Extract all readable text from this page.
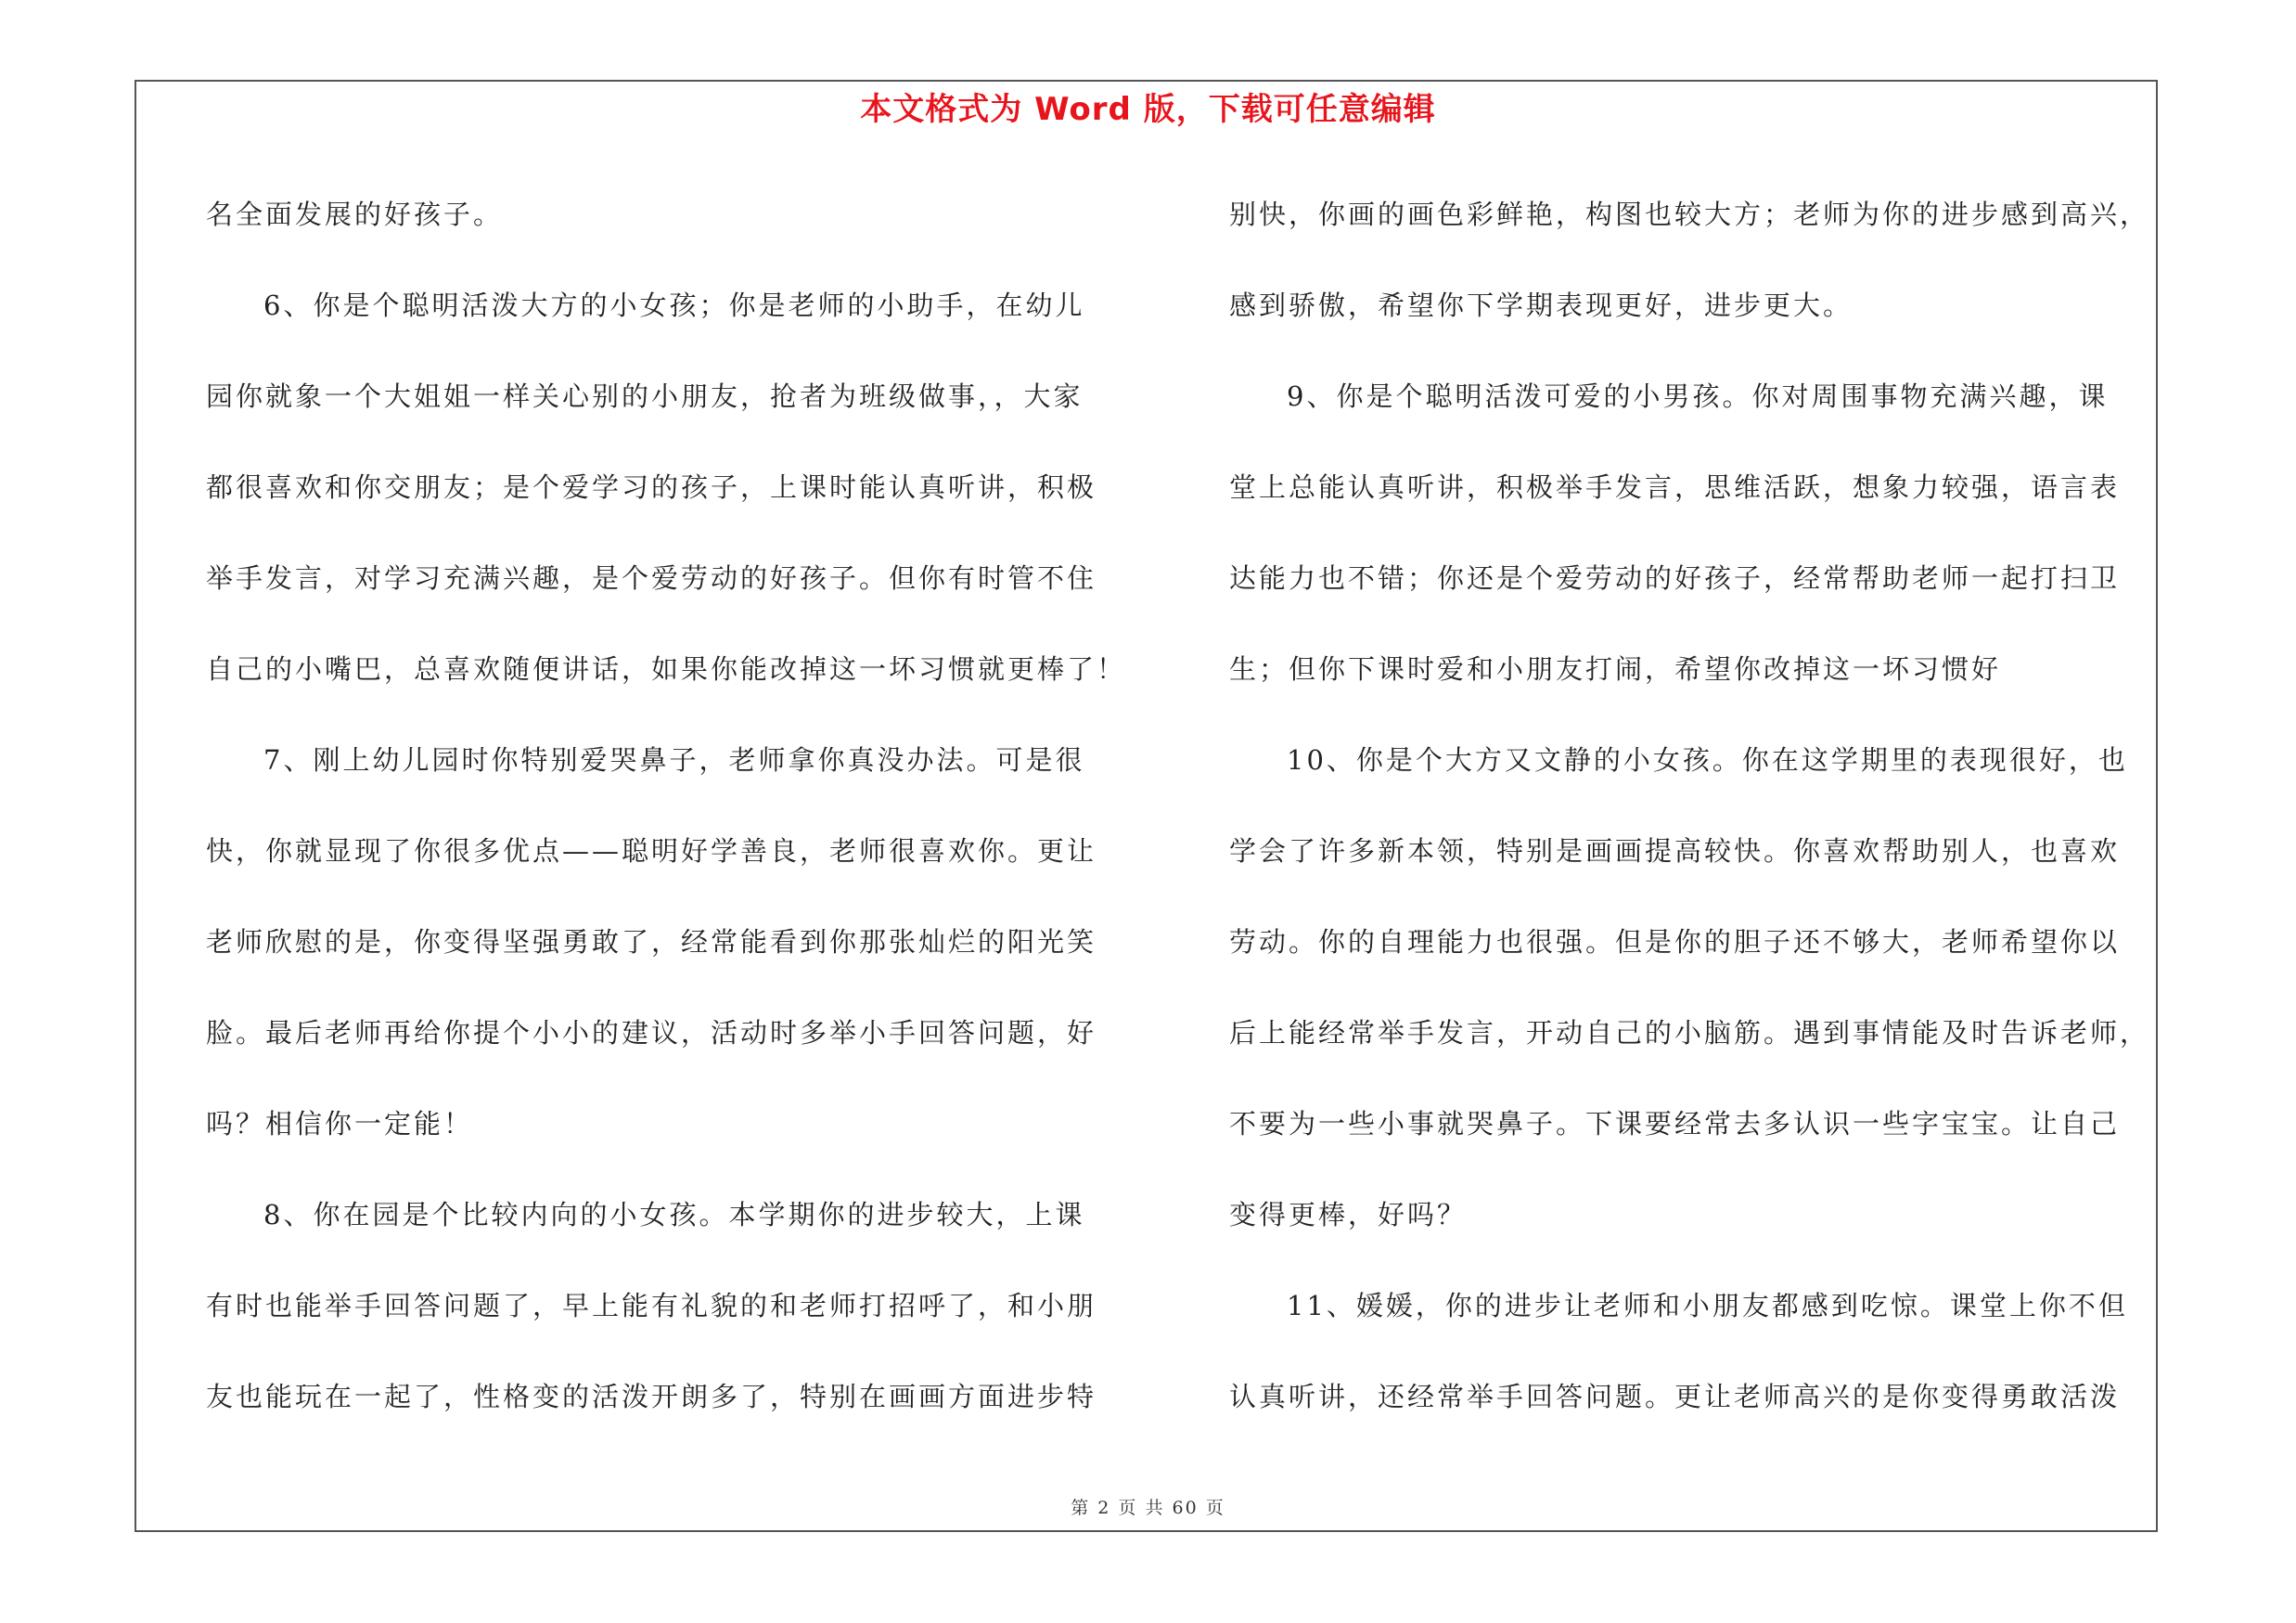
本文格式为 Word 版，下载可任意编辑
名全面发展的好孩子。
6、你是个聪明活泼大方的小女孩；你是老师的小助手，在幼儿
园你就象一个大姐姐一样关心别的小朋友，抢者为班级做事，，大家
都很喜欢和你交朋友；是个爱学习的孩子，上课时能认真听讲，积极
举手发言，对学习充满兴趣，是个爱劳动的好孩子。但你有时管不住
自己的小嘴巴，总喜欢随便讲话，如果你能改掉这一坏习惯就更棒了！
7、刚上幼儿园时你特别爱哭鼻子，老师拿你真没办法。可是很
快，你就显现了你很多优点——聪明好学善良，老师很喜欢你。更让
老师欣慰的是，你变得坚强勇敢了，经常能看到你那张灿烂的阳光笑
脸。最后老师再给你提个小小的建议，活动时多举小手回答问题，好
吗？相信你一定能！
8、你在园是个比较内向的小女孩。本学期你的进步较大，上课
有时也能举手回答问题了，早上能有礼貌的和老师打招呼了，和小朋
友也能玩在一起了，性格变的活泼开朗多了，特别在画画方面进步特
别快，你画的画色彩鲜艳，构图也较大方；老师为你的进步感到高兴，
感到骄傲，希望你下学期表现更好，进步更大。
9、你是个聪明活泼可爱的小男孩。你对周围事物充满兴趣，课
堂上总能认真听讲，积极举手发言，思维活跃，想象力较强，语言表
达能力也不错；你还是个爱劳动的好孩子，经常帮助老师一起打扫卫
生；但你下课时爱和小朋友打闹，希望你改掉这一坏习惯好
10、你是个大方又文静的小女孩。你在这学期里的表现很好，也
学会了许多新本领，特别是画画提高较快。你喜欢帮助别人，也喜欢
劳动。你的自理能力也很强。但是你的胆子还不够大，老师希望你以
后上能经常举手发言，开动自己的小脑筋。遇到事情能及时告诉老师，
不要为一些小事就哭鼻子。下课要经常去多认识一些字宝宝。让自己
变得更棒，好吗？
11、媛媛，你的进步让老师和小朋友都感到吃惊。课堂上你不但
认真听讲，还经常举手回答问题。更让老师高兴的是你变得勇敢活泼
第 2 页 共 60 页
